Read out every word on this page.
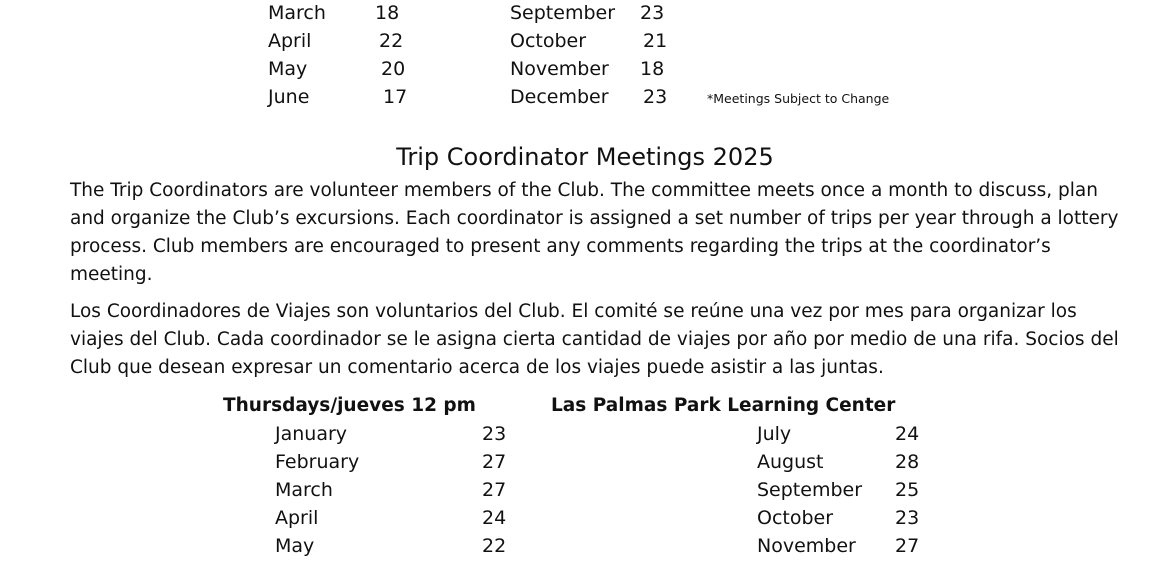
March	18
April	22
May	20
June	17
September 23
October	21
November 18
December 23	*Meetings Subject to Change
Trip Coordinator Meetings 2025

The Trip Coordinators are volunteer members of the Club. The committee meets once a month to discuss, plan and organize the Club’s excursions. Each coordinator is assigned a set number of trips per year through a lottery process. Club members are encouraged to present any comments regarding the trips at the coordinator’s meeting.

Los Coordinadores de Viajes son voluntarios del Club. El comité se reúne una vez por mes para organizar los viajes del Club. Cada coordinador se le asigna cierta cantidad de viajes por año por medio de una rifa. Socios del Club que desean expresar un comentario acerca de los viajes puede asistir a las juntas.

Thursdays/jueves 12 pm	Las Palmas Park Learning Center
January	23
February	27
March	27
April	24
May	22
July	24
August	28
September 25
October	23
November 27
